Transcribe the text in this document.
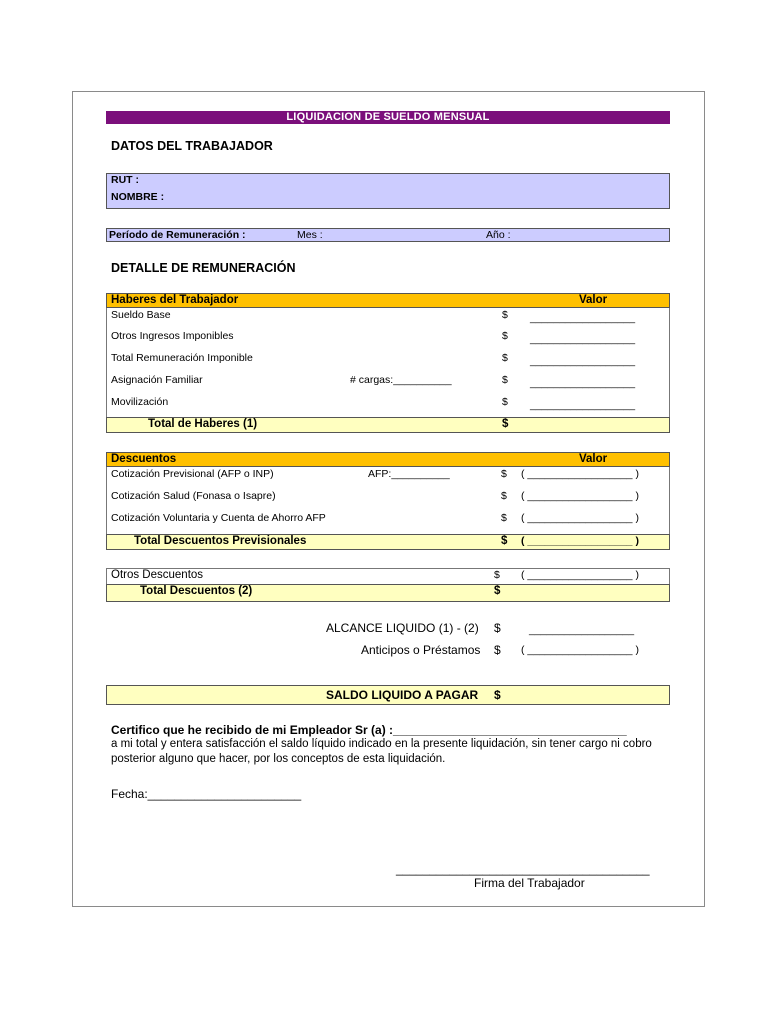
LIQUIDACION DE SUELDO MENSUAL
DATOS DEL TRABAJADOR
RUT :
NOMBRE :
Período de Remuneración :	Mes :	Año :
DETALLE DE REMUNERACIÓN
Haberes del Trabajador	Valor
Sueldo Base	$ __________________
Otros Ingresos Imponibles	$ __________________
Total Remuneración Imponible	$ __________________
Asignación Familiar	# cargas:__________	$ __________________
Movilización	$ __________________
Total de Haberes (1)	$
Descuentos	Valor
Cotización Previsional (AFP o INP)	AFP:__________	$ ( __________________ )
Cotización Salud (Fonasa o Isapre)	$ ( __________________ )
Cotización Voluntaria y Cuenta de Ahorro AFP	$ ( __________________ )
Total Descuentos Previsionales	$ ( __________________ )
Otros Descuentos	$ ( __________________ )
Total Descuentos (2)	$
ALCANCE LIQUIDO (1) - (2) $	__________________
Anticipos o Préstamos $ ( __________________ )
SALDO LIQUIDO A PAGAR $
Certifico que he recibido de mi Empleador Sr (a) :___________________________________
a mi total y entera satisfacción el saldo líquido indicado en la presente liquidación, sin tener cargo ni cobro
posterior alguno que hacer, por los conceptos de esta liquidación.
Fecha:_______________________
______________________________________
Firma del Trabajador
